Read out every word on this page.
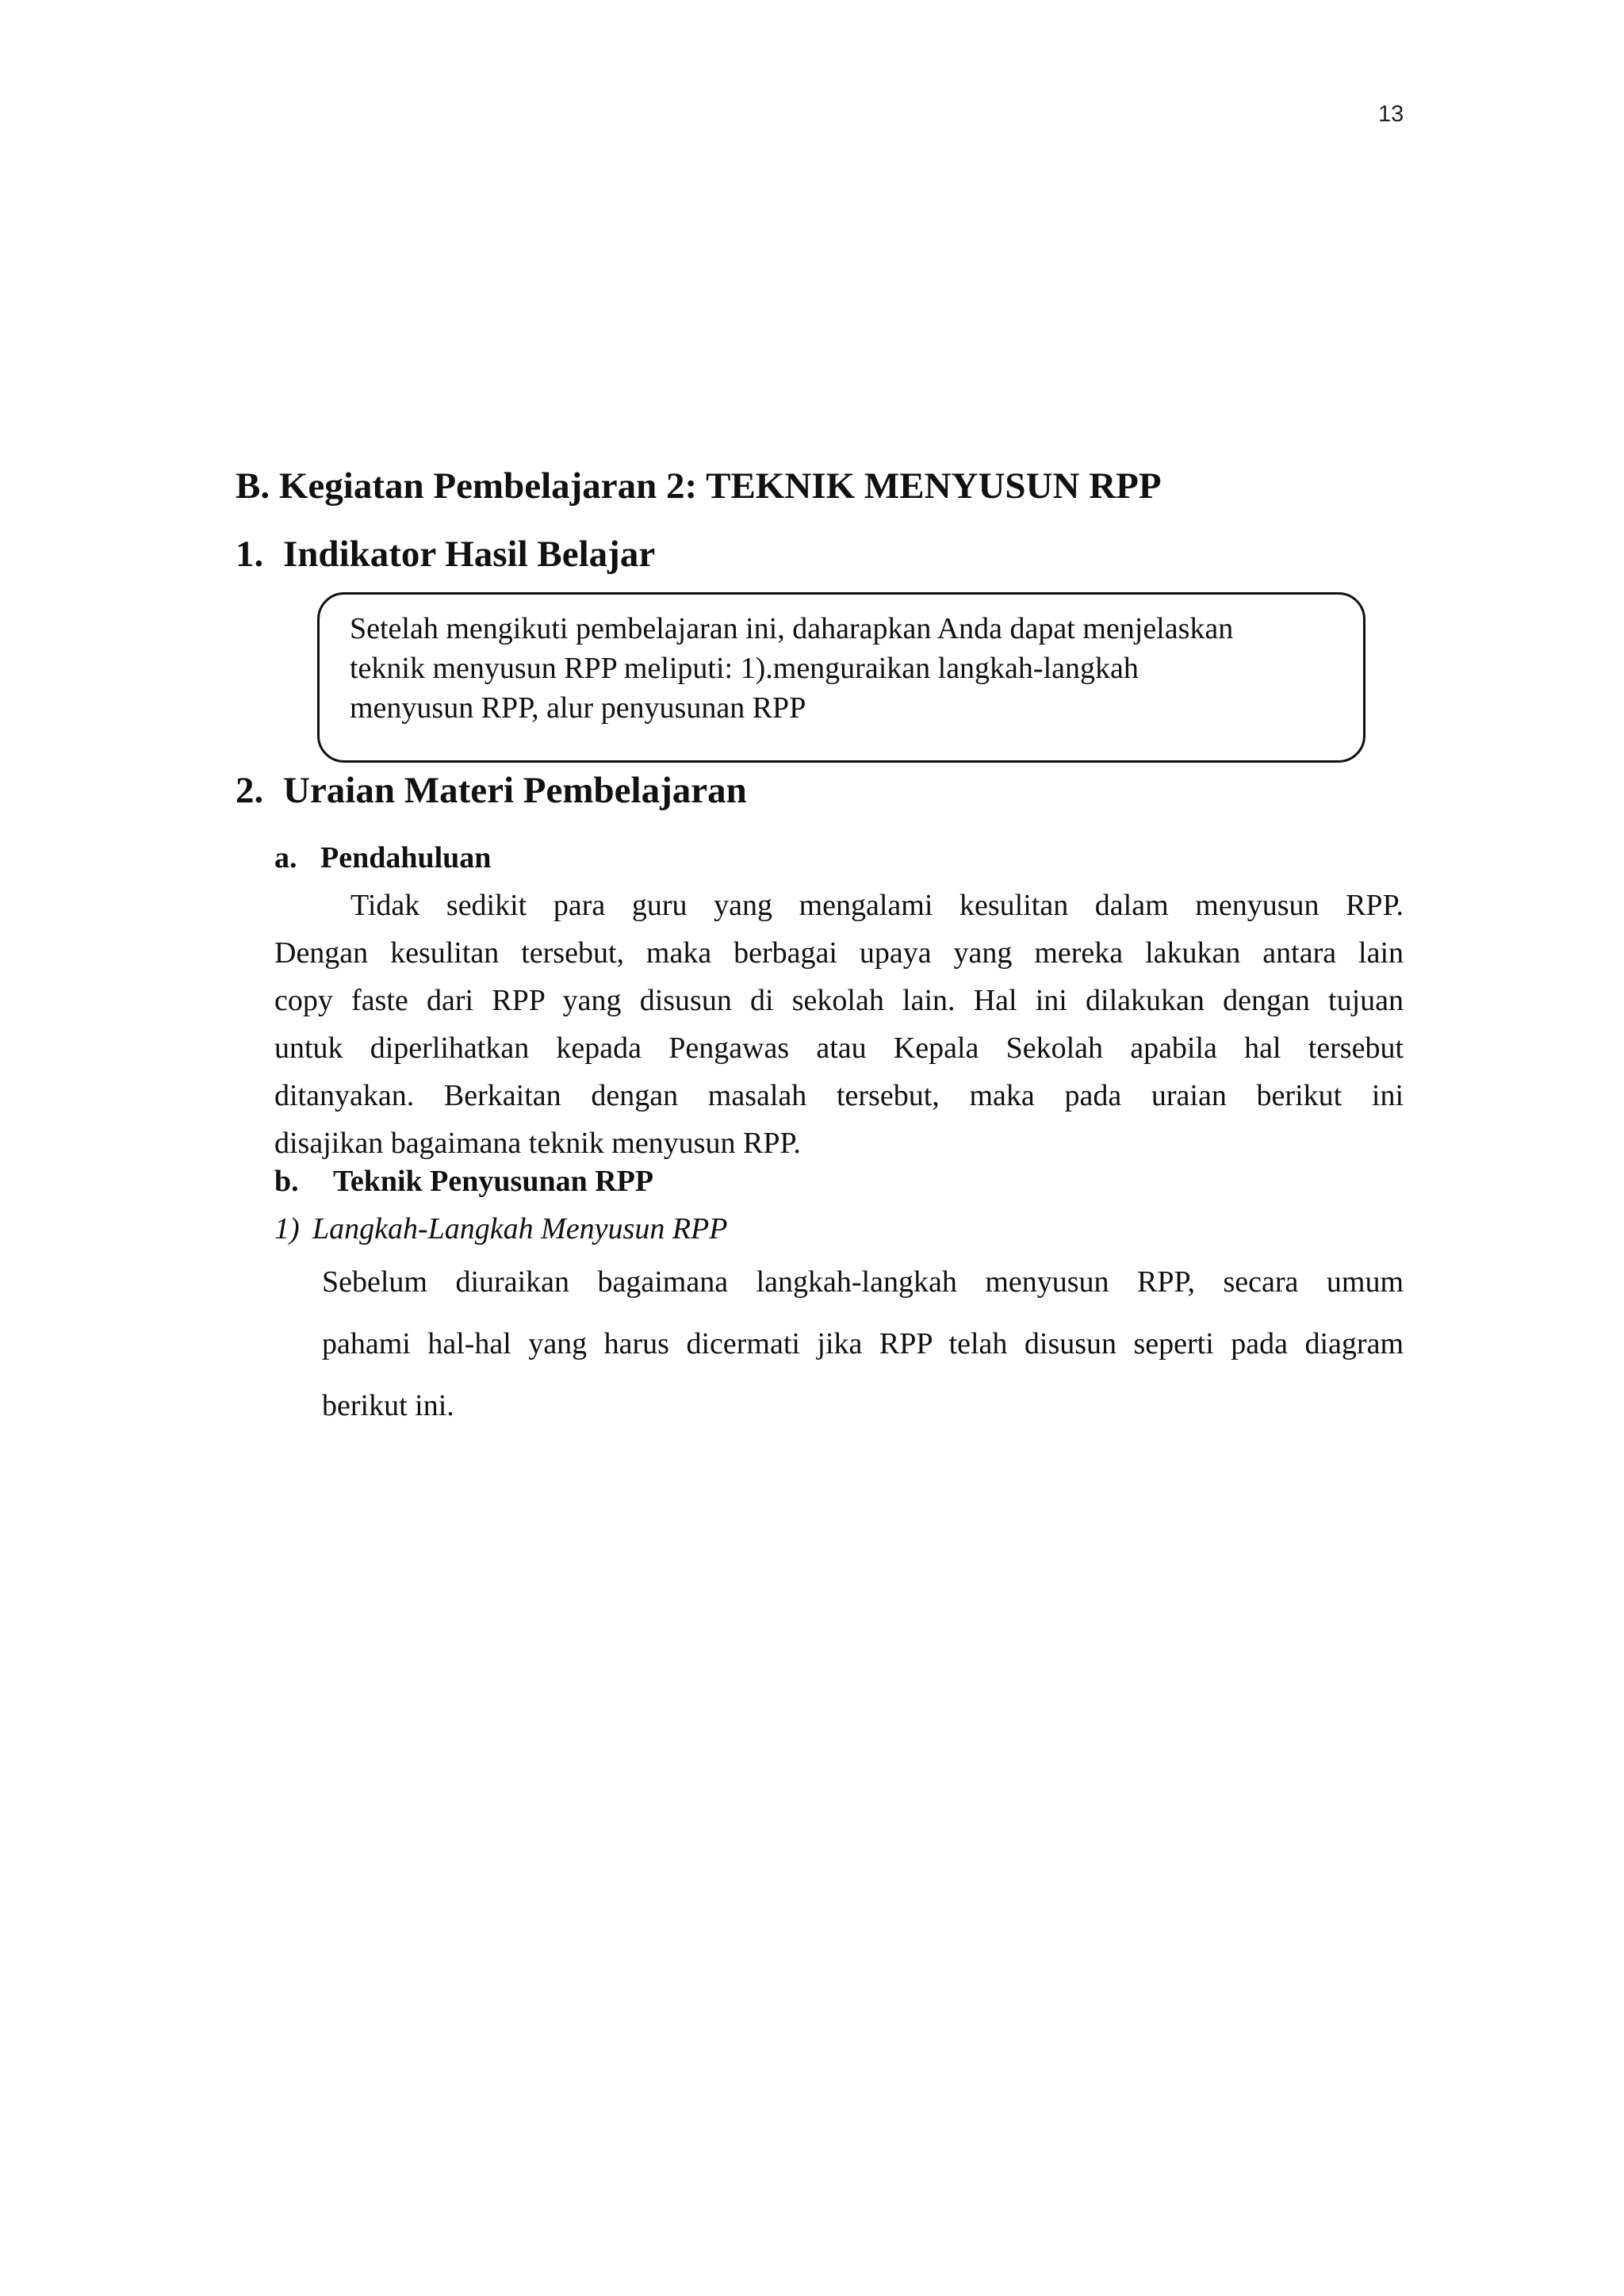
13
B. Kegiatan Pembelajaran 2: TEKNIK MENYUSUN RPP
1. Indikator Hasil Belajar
Setelah mengikuti pembelajaran ini, daharapkan Anda dapat menjelaskan
teknik menyusun RPP meliputi: 1).menguraikan langkah-langkah
menyusun RPP, alur penyusunan RPP
2. Uraian Materi Pembelajaran
a. Pendahuluan
Tidak sedikit para guru yang mengalami kesulitan dalam menyusun RPP.
Dengan kesulitan tersebut, maka berbagai upaya yang mereka lakukan antara lain
copy faste dari RPP yang disusun di sekolah lain. Hal ini dilakukan dengan tujuan
untuk diperlihatkan kepada Pengawas atau Kepala Sekolah apabila hal tersebut
ditanyakan. Berkaitan dengan masalah tersebut, maka pada uraian berikut ini
disajikan bagaimana teknik menyusun RPP.
b. Teknik Penyusunan RPP
1) Langkah-Langkah Menyusun RPP
Sebelum diuraikan bagaimana langkah-langkah menyusun RPP, secara umum
pahami hal-hal yang harus dicermati jika RPP telah disusun seperti pada diagram
berikut ini.
